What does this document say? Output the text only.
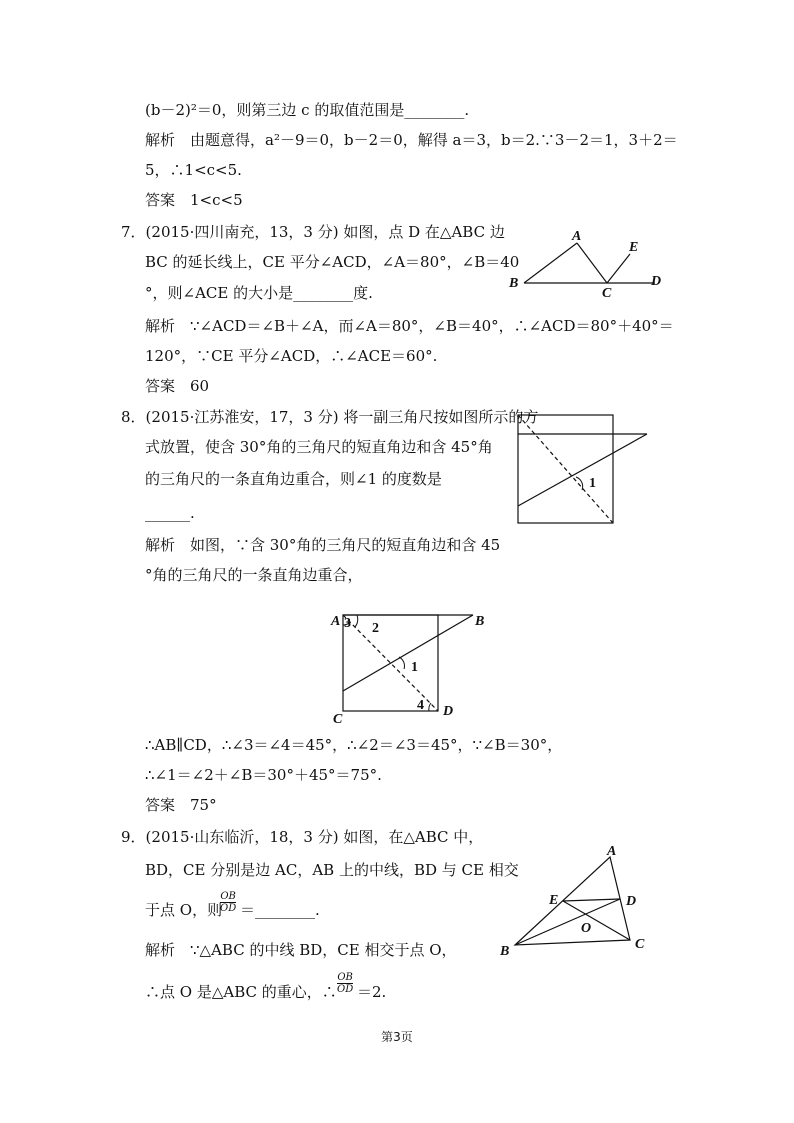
(b－2)²＝0，则第三边 c 的取值范围是________.
解析 由题意得，a²－9＝0，b－2＝0，解得 a＝3，b＝2.∵3－2＝1，3＋2＝
5，∴1<c<5.
答案 1<c<5
7．(2015·四川南充，13，3 分) 如图，点 D 在△ABC 边
BC 的延长线上，CE 平分∠ACD，∠A＝80°，∠B＝40
°，则∠ACE 的大小是________度.
解析 ∵∠ACD＝∠B＋∠A，而∠A＝80°，∠B＝40°，∴∠ACD＝80°＋40°＝
120°，∵CE 平分∠ACD，∴∠ACE＝60°.
答案 60
A
B
C
D
E
8．(2015·江苏淮安，17，3 分) 将一副三角尺按如图所示的方
式放置，使含 30°角的三角尺的短直角边和含 45°角
的三角尺的一条直角边重合，则∠1 的度数是
______.
解析 如图，∵含 30°角的三角尺的短直角边和含 45
°角的三角尺的一条直角边重合，
1
A	B
C
D
1
2
3
4
∴AB∥CD，∴∠3＝∠4＝45°，∴∠2＝∠3＝45°，∵∠B＝30°，
∴∠1＝∠2＋∠B＝30°＋45°＝75°.
答案 75°
9．(2015·山东临沂，18，3 分) 如图，在△ABC 中，
BD，CE 分别是边 AC，AB 上的中线，BD 与 CE 相交
于点 O，则
OB
OD ＝________.
解析 ∵△ABC 的中线 BD，CE 相交于点 O，
∴点 O 是△ABC 的重心，∴
OB
OD ＝2.
A
B	C
D
E
O
第3页
